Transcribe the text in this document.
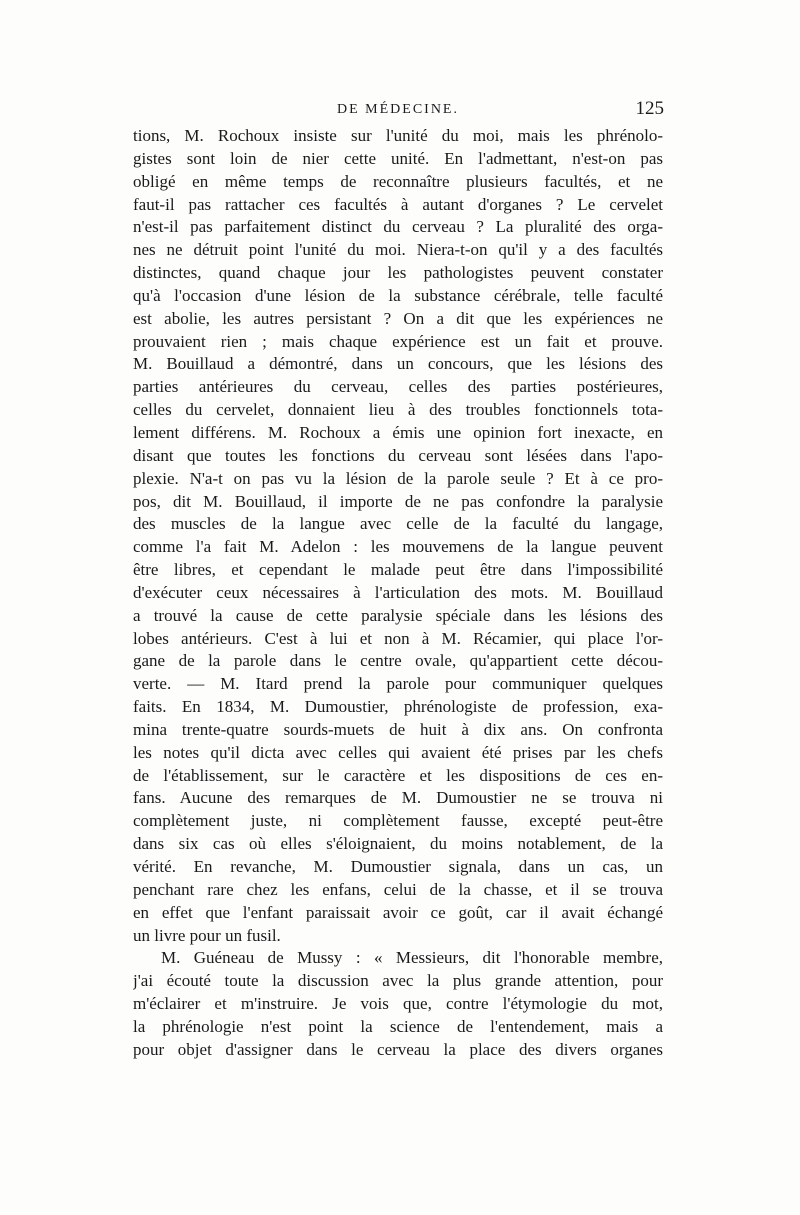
DE MÉDECINE.	125
tions, M. Rochoux insiste sur l'unité du moi, mais les phrénolo-
gistes sont loin de nier cette unité. En l'admettant, n'est-on pas
obligé en même temps de reconnaître plusieurs facultés, et ne
faut-il pas rattacher ces facultés à autant d'organes ? Le cervelet
n'est-il pas parfaitement distinct du cerveau ? La pluralité des orga-
nes ne détruit point l'unité du moi. Niera-t-on qu'il y a des facultés
distinctes, quand chaque jour les pathologistes peuvent constater
qu'à l'occasion d'une lésion de la substance cérébrale, telle faculté
est abolie, les autres persistant ? On a dit que les expériences ne
prouvaient rien ; mais chaque expérience est un fait et prouve.
M. Bouillaud a démontré, dans un concours, que les lésions des
parties antérieures du cerveau, celles des parties postérieures,
celles du cervelet, donnaient lieu à des troubles fonctionnels tota-
lement différens. M. Rochoux a émis une opinion fort inexacte, en
disant que toutes les fonctions du cerveau sont lésées dans l'apo-
plexie. N'a-t on pas vu la lésion de la parole seule ? Et à ce pro-
pos, dit M. Bouillaud, il importe de ne pas confondre la paralysie
des muscles de la langue avec celle de la faculté du langage,
comme l'a fait M. Adelon : les mouvemens de la langue peuvent
être libres, et cependant le malade peut être dans l'impossibilité
d'exécuter ceux nécessaires à l'articulation des mots. M. Bouillaud
a trouvé la cause de cette paralysie spéciale dans les lésions des
lobes antérieurs. C'est à lui et non à M. Récamier, qui place l'or-
gane de la parole dans le centre ovale, qu'appartient cette décou-
verte. — M. Itard prend la parole pour communiquer quelques
faits. En 1834, M. Dumoustier, phrénologiste de profession, exa-
mina trente-quatre sourds-muets de huit à dix ans. On confronta
les notes qu'il dicta avec celles qui avaient été prises par les chefs
de l'établissement, sur le caractère et les dispositions de ces en-
fans. Aucune des remarques de M. Dumoustier ne se trouva ni
complètement juste, ni complètement fausse, excepté peut-être
dans six cas où elles s'éloignaient, du moins notablement, de la
vérité. En revanche, M. Dumoustier signala, dans un cas, un
penchant rare chez les enfans, celui de la chasse, et il se trouva
en effet que l'enfant paraissait avoir ce goût, car il avait échangé
un livre pour un fusil.
M. Guéneau de Mussy : « Messieurs, dit l'honorable membre,
j'ai écouté toute la discussion avec la plus grande attention, pour
m'éclairer et m'instruire. Je vois que, contre l'étymologie du mot,
la phrénologie n'est point la science de l'entendement, mais a
pour objet d'assigner dans le cerveau la place des divers organes
